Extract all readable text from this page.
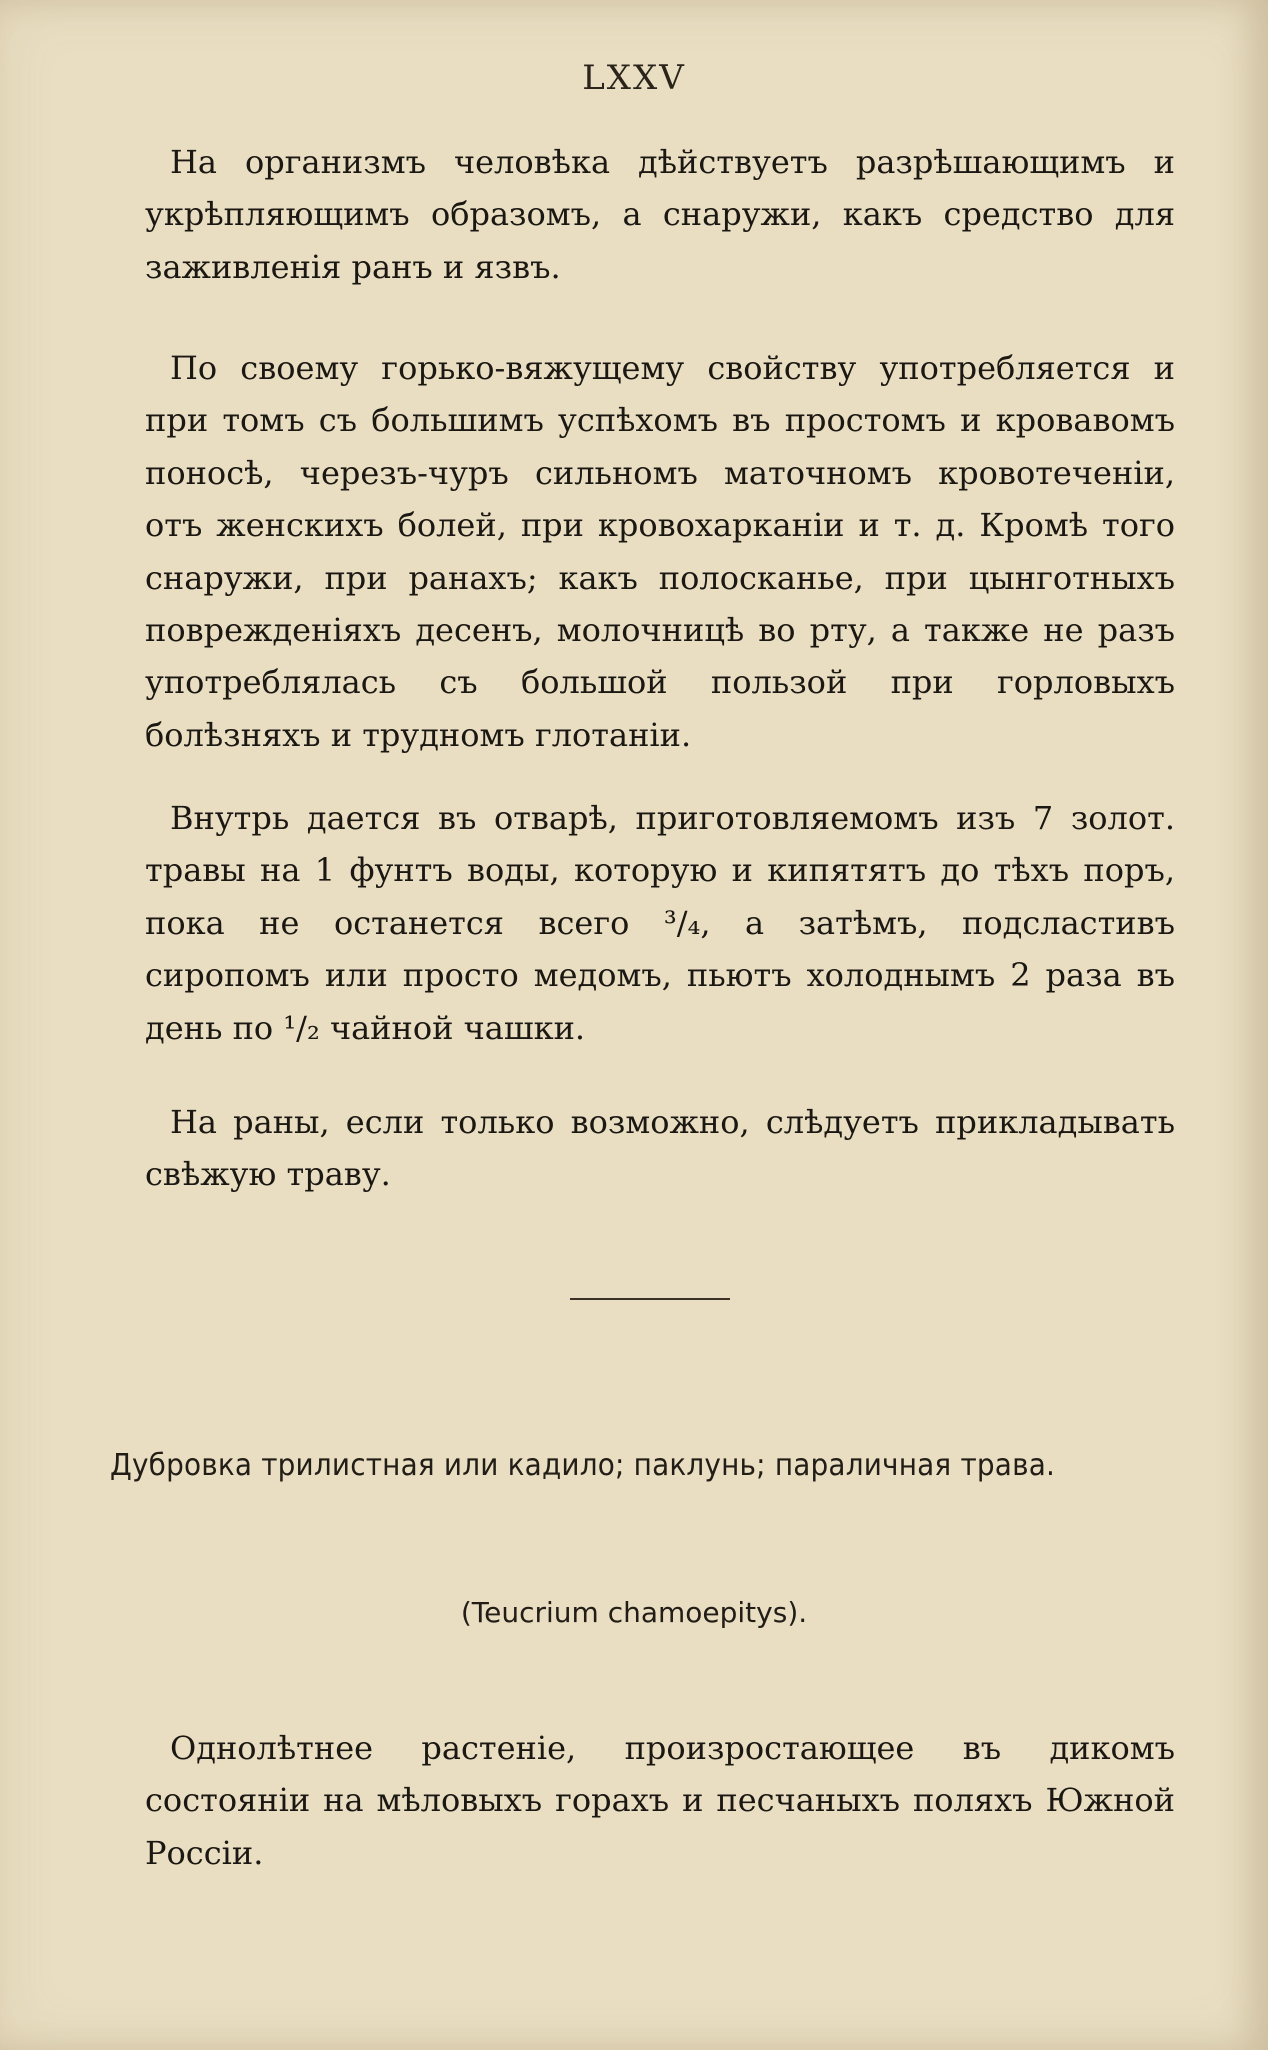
LXXV

На организмъ человѣка дѣйствуетъ разрѣшающимъ и укрѣпляющимъ образомъ, а снаружи, какъ средство для заживленія ранъ и язвъ.

По своему горько-вяжущему свойству употребляется и при томъ съ большимъ успѣхомъ въ простомъ и кровавомъ поносѣ, черезъ-чуръ сильномъ маточномъ кровотеченіи, отъ женскихъ болей, при кровохарканіи и т. д. Кромѣ того снаружи, при ранахъ; какъ полосканье, при цынготныхъ поврежденіяхъ десенъ, молочницѣ во рту, а также не разъ употреблялась съ большой пользой при горловыхъ болѣзняхъ и трудномъ глотаніи.

Внутрь дается въ отварѣ, приготовляемомъ изъ 7 золот. травы на 1 фунтъ воды, которую и кипятятъ до тѣхъ поръ, пока не останется всего ³/₄, а затѣмъ, подсластивъ сиропомъ или просто медомъ, пьютъ холоднымъ 2 раза въ день по ¹/₂ чайной чашки.

На раны, если только возможно, слѣдуетъ прикладывать свѣжую траву.

Дубровка трилистная или кадило; паклунь; параличная трава.
(Teucrium chamoepitys).

Однолѣтнее растеніе, произростающее въ дикомъ состояніи на мѣловыхъ горахъ и песчаныхъ поляхъ Южной Россіи.
